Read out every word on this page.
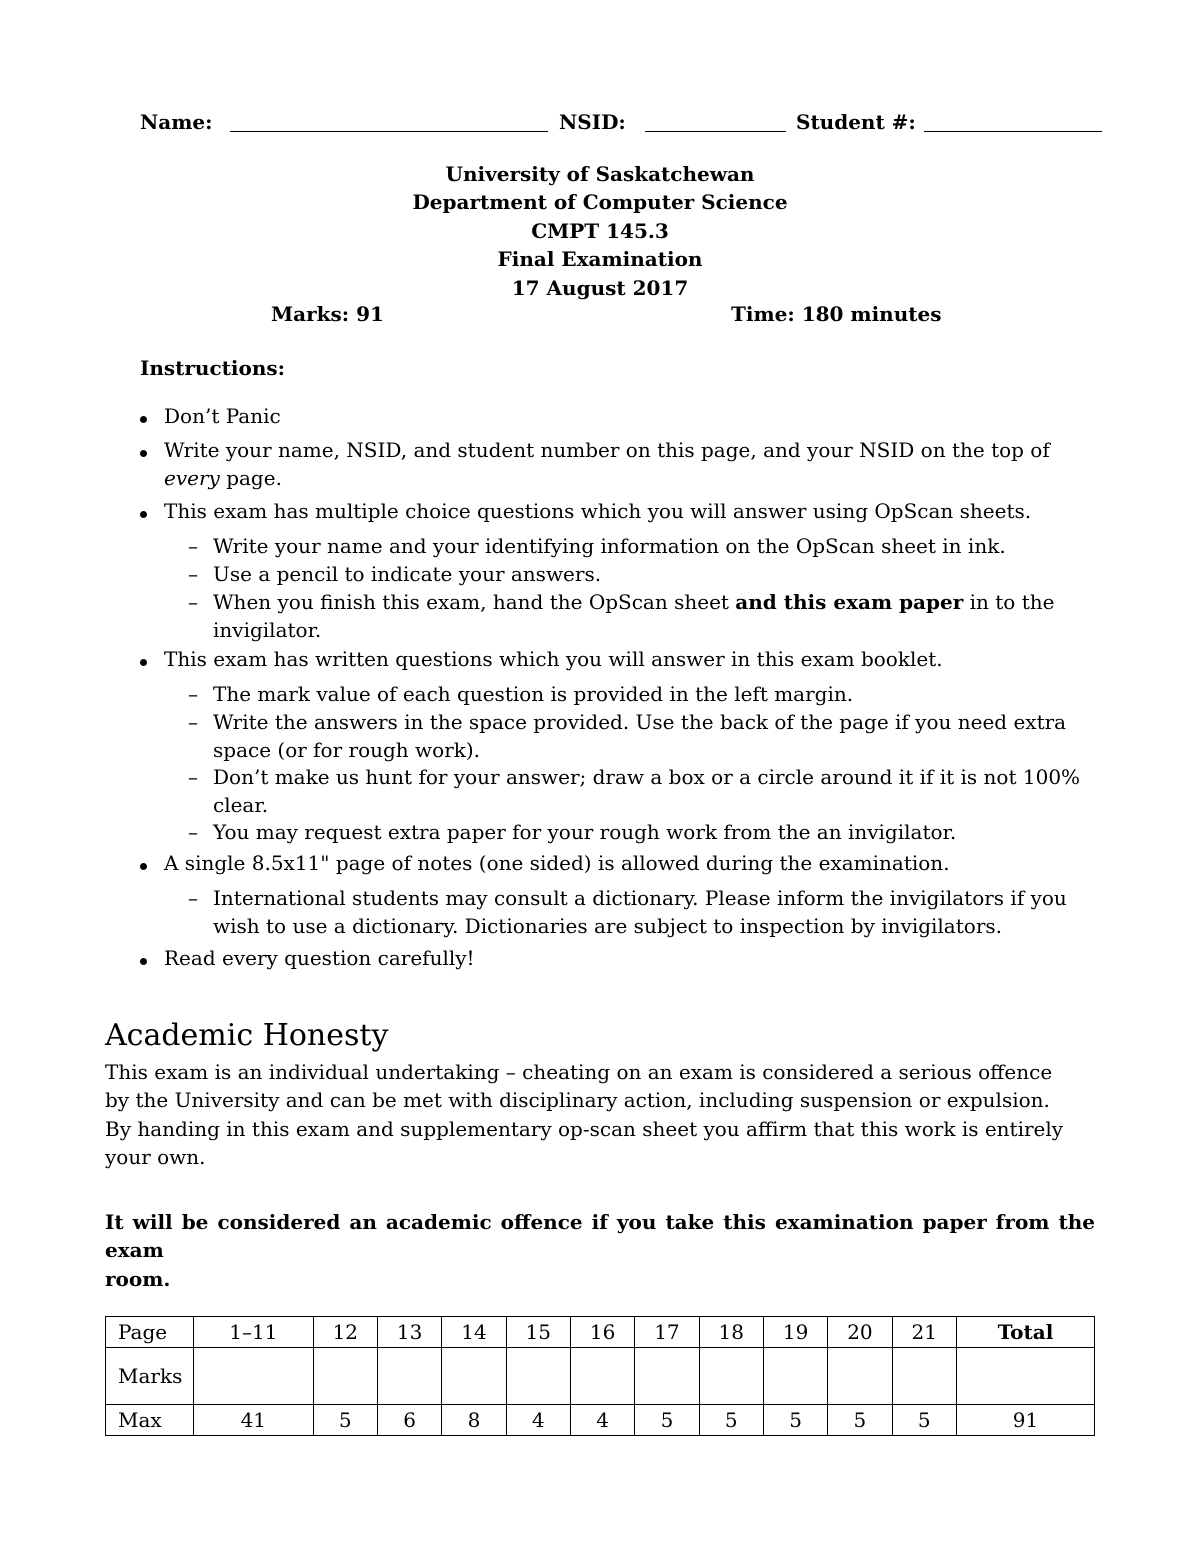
Name:	NSID:	Student #:
University of Saskatchewan
Department of Computer Science
CMPT 145.3
Final Examination
17 August 2017
Marks: 91	Time: 180 minutes
Instructions:
Don’t Panic
Write your name, NSID, and student number on this page, and your NSID on the top of
every page.
This exam has multiple choice questions which you will answer using OpScan sheets.
– Write your name and your identifying information on the OpScan sheet in ink.
– Use a pencil to indicate your answers.
– When you finish this exam, hand the OpScan sheet and this exam paper in to the
invigilator.
This exam has written questions which you will answer in this exam booklet.
– The mark value of each question is provided in the left margin.
– Write the answers in the space provided. Use the back of the page if you need extra
space (or for rough work).
– Don’t make us hunt for your answer; draw a box or a circle around it if it is not 100%
clear.
– You may request extra paper for your rough work from the an invigilator.
A single 8.5x11" page of notes (one sided) is allowed during the examination.
– International students may consult a dictionary. Please inform the invigilators if you
wish to use a dictionary. Dictionaries are subject to inspection by invigilators.
Read every question carefully!
Academic Honesty
This exam is an individual undertaking – cheating on an exam is considered a serious offence
by the University and can be met with disciplinary action, including suspension or expulsion.
By handing in this exam and supplementary op-scan sheet you affirm that this work is entirely
your own.
It will be considered an academic offence if you take this examination paper from the exam
room.
Page	1–11	12	13	14	15	16	17	18	19	20	21	Total
Marks												
Max	41	5	6	8	4	4	5	5	5	5	5	91
